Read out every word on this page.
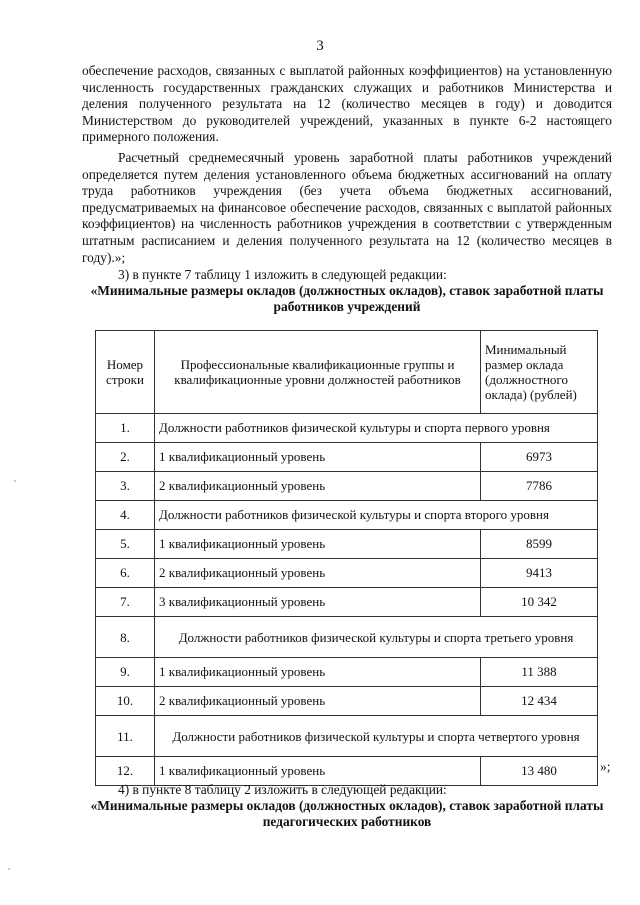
3
обеспечение расходов, связанных с выплатой районных коэффициентов) на установленную численность государственных гражданских служащих и работников Министерства и деления полученного результата на 12 (количество месяцев в году) и доводится Министерством до руководителей учреждений, указанных в пункте 6-2 настоящего примерного положения.
Расчетный среднемесячный уровень заработной платы работников учреждений определяется путем деления установленного объема бюджетных ассигнований на оплату труда работников учреждения (без учета объема бюджетных ассигнований, предусматриваемых на финансовое обеспечение расходов, связанных с выплатой районных коэффициентов) на численность работников учреждения в соответствии с утвержденным штатным расписанием и деления полученного результата на 12 (количество месяцев в году).»;
3) в пункте 7 таблицу 1 изложить в следующей редакции:
«Минимальные размеры окладов (должностных окладов), ставок заработной платы работников учреждений
Номер строки	Профессиональные квалификационные группы и квалификационные уровни должностей работников	Минимальный размер оклада (должностного оклада) (рублей)
1.	Должности работников физической культуры и спорта первого уровня	
2.	1 квалификационный уровень	6973
3.	2 квалификационный уровень	7786
4.	Должности работников физической культуры и спорта второго уровня	
5.	1 квалификационный уровень	8599
6.	2 квалификационный уровень	9413
7.	3 квалификационный уровень	10 342
8.	Должности работников физической культуры и спорта третьего уровня	
9.	1 квалификационный уровень	11 388
10.	2 квалификационный уровень	12 434
11.	Должности работников физической культуры и спорта четвертого уровня	
12.	1 квалификационный уровень	13 480	»;
4) в пункте 8 таблицу 2 изложить в следующей редакции:
«Минимальные размеры окладов (должностных окладов), ставок заработной платы педагогических работников
